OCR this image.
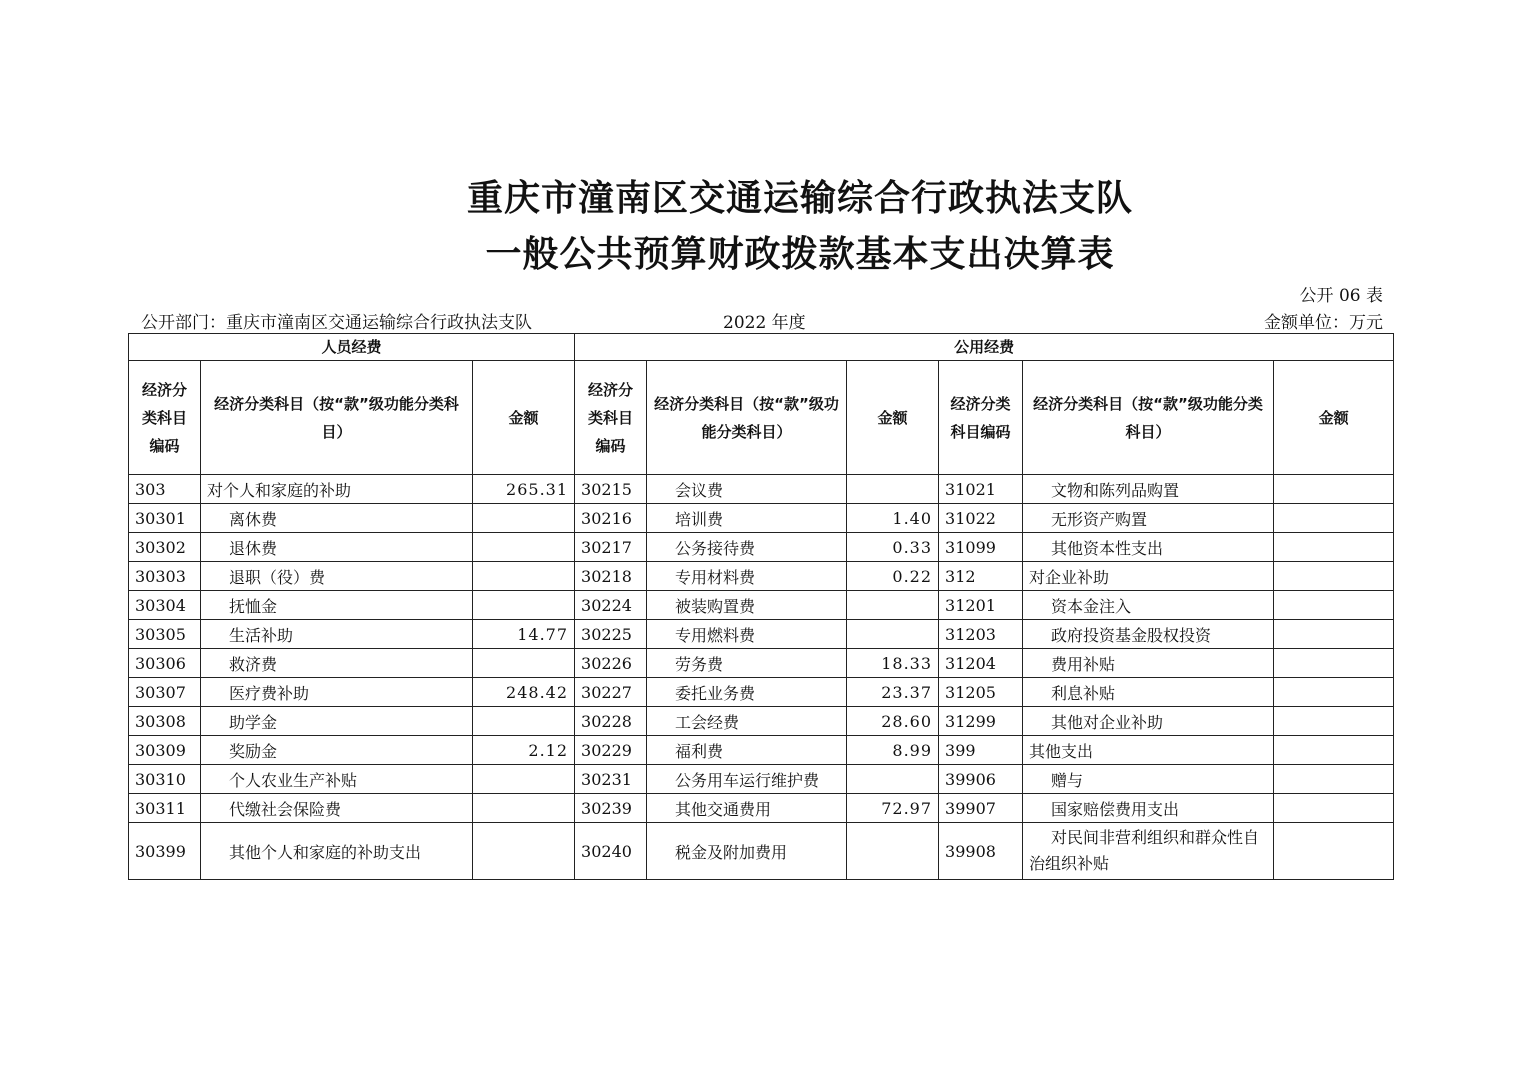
重庆市潼南区交通运输综合行政执法支队
一般公共预算财政拨款基本支出决算表
公开 06 表
公开部门：重庆市潼南区交通运输综合行政执法支队	2022 年度	金额单位：万元
人员经费			公用经费					
经济分类科目编码	经济分类科目（按“款”级功能分类科目）	金额	经济分类科目编码	经济分类科目（按“款”级功能分类科目）	金额	经济分类科目编码	经济分类科目（按“款”级功能分类科目）	金额
303	对个人和家庭的补助	265.31	30215	会议费		31021	文物和陈列品购置	
30301	离休费		30216	培训费	1.40	31022	无形资产购置	
30302	退休费		30217	公务接待费	0.33	31099	其他资本性支出	
30303	退职（役）费		30218	专用材料费	0.22	312	对企业补助	
30304	抚恤金		30224	被装购置费		31201	资本金注入	
30305	生活补助	14.77	30225	专用燃料费		31203	政府投资基金股权投资	
30306	救济费		30226	劳务费	18.33	31204	费用补贴	
30307	医疗费补助	248.42	30227	委托业务费	23.37	31205	利息补贴	
30308	助学金		30228	工会经费	28.60	31299	其他对企业补助	
30309	奖励金	2.12	30229	福利费	8.99	399	其他支出	
30310	个人农业生产补贴		30231	公务用车运行维护费		39906	赠与	
30311	代缴社会保险费		30239	其他交通费用	72.97	39907	国家赔偿费用支出	
30399	其他个人和家庭的补助支出		30240	税金及附加费用		39908	对民间非营利组织和群众性自治组织补贴	
